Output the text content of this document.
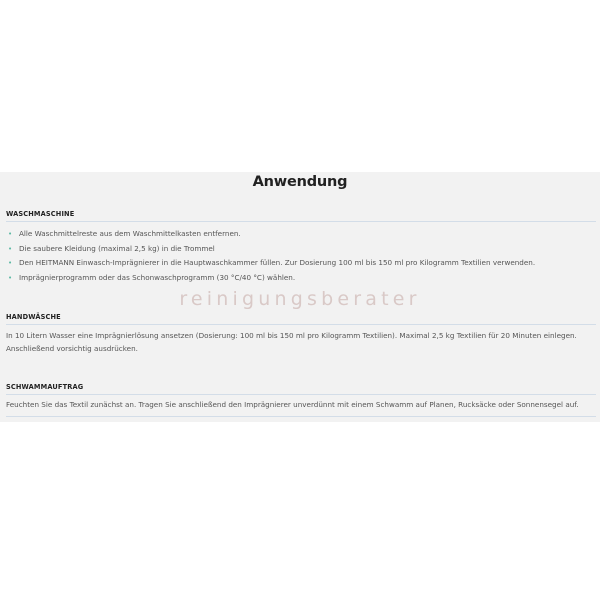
Anwendung
WASCHMASCHINE
• Alle Waschmittelreste aus dem Waschmittelkasten entfernen.
• Die saubere Kleidung (maximal 2,5 kg) in die Trommel
• Den HEITMANN Einwasch-Imprägnierer in die Hauptwaschkammer füllen. Zur Dosierung 100 ml bis 150 ml pro Kilogramm Textilien verwenden.
• Imprägnierprogramm oder das Schonwaschprogramm (30 °C/40 °C) wählen.
reinigungsberater
HANDWÄSCHE
In 10 Litern Wasser eine Imprägnierlösung ansetzen (Dosierung: 100 ml bis 150 ml pro Kilogramm Textilien). Maximal 2,5 kg Textilien für 20 Minuten einlegen. Anschließend vorsichtig ausdrücken.
SCHWAMMAUFTRAG
Feuchten Sie das Textil zunächst an. Tragen Sie anschließend den Imprägnierer unverdünnt mit einem Schwamm auf Planen, Rucksäcke oder Sonnensegel auf.
